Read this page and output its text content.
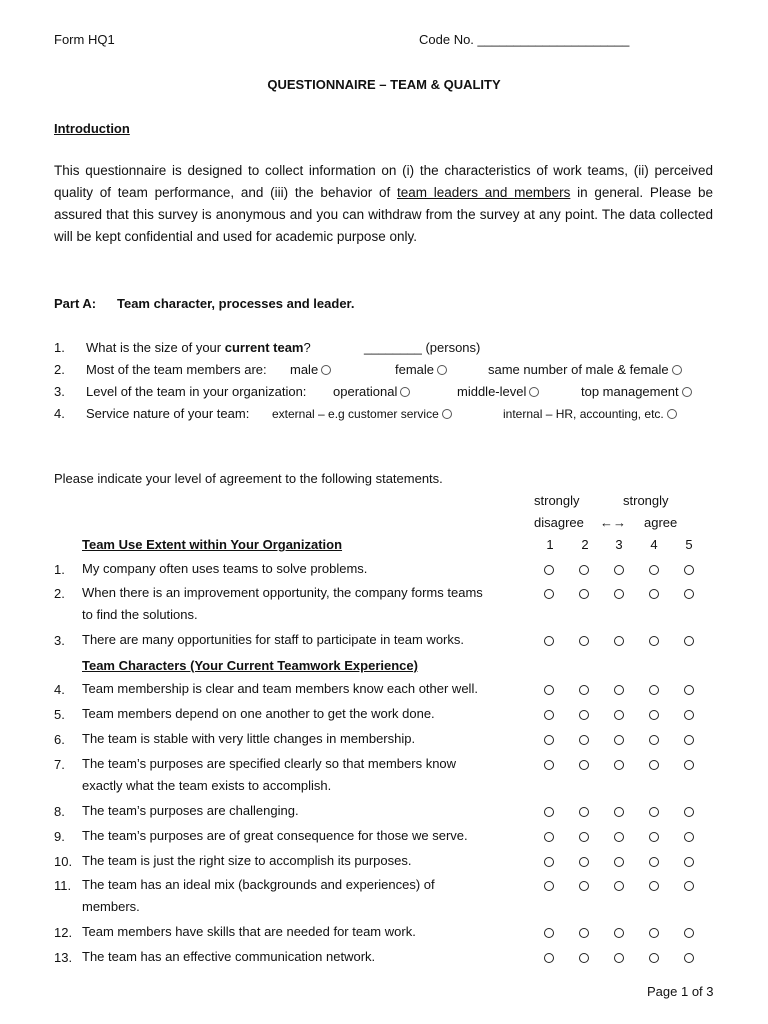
Form HQ1	Code No. _____________________
QUESTIONNAIRE – TEAM & QUALITY
Introduction
This questionnaire is designed to collect information on (i) the characteristics of work teams, (ii) perceived quality of team performance, and (iii) the behavior of team leaders and members in general. Please be assured that this survey is anonymous and you can withdraw from the survey at any point. The data collected will be kept confidential and used for academic purpose only.
Part A: Team character, processes and leader.
1. What is the size of your current team?	________ (persons)
2. Most of the team members are: male	female	same number of male & female
3. Level of the team in your organization: operational	middle-level	top management
4. Service nature of your team: external – e.g customer service	internal – HR, accounting, etc.
Please indicate your level of agreement to the following statements.
strongly	strongly
disagree ←→ agree
Team Use Extent within Your Organization	1 2 3 4 5
Team Characters (Your Current Teamwork Experience)
1.	My company often uses teams to solve problems.
2.	When there is an improvement opportunity, the company forms teams
to find the solutions.
3.	There are many opportunities for staff to participate in team works.
4.	Team membership is clear and team members know each other well.
5.	Team members depend on one another to get the work done.
6.	The team is stable with very little changes in membership.
7.	The team’s purposes are specified clearly so that members know
exactly what the team exists to accomplish.
8.	The team’s purposes are challenging.
9.	The team’s purposes are of great consequence for those we serve.
10. The team is just the right size to accomplish its purposes.
11. The team has an ideal mix (backgrounds and experiences) of
members.
12. Team members have skills that are needed for team work.
13. The team has an effective communication network.
Page 1 of 3
